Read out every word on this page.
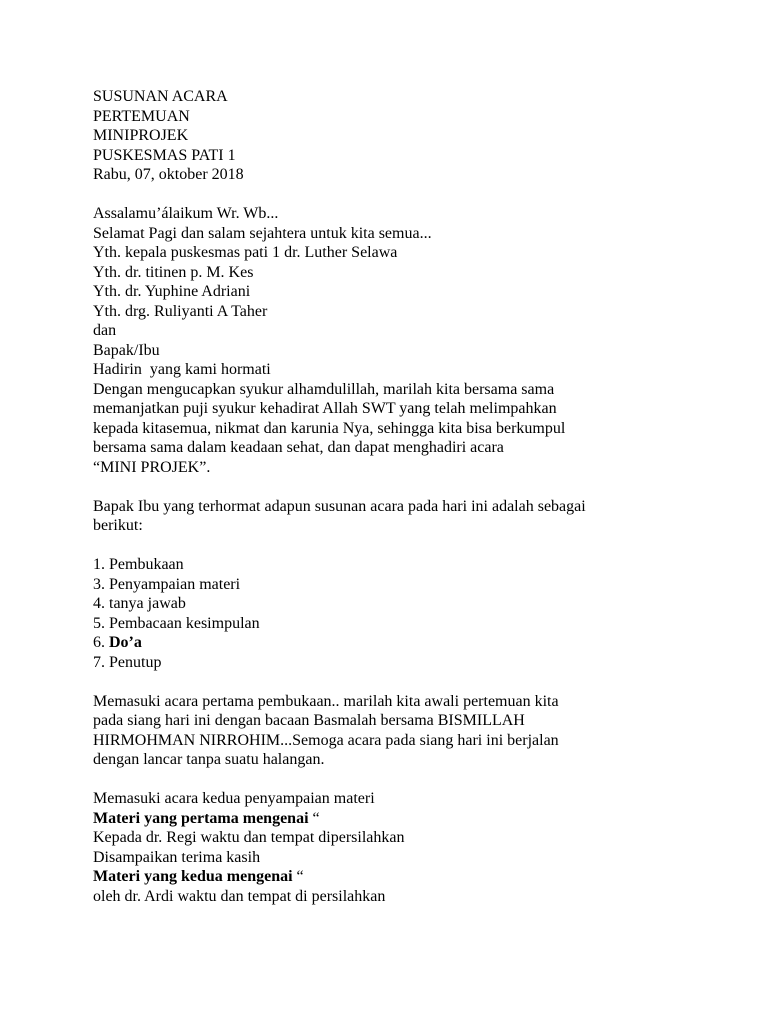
SUSUNAN ACARA
PERTEMUAN
MINIPROJEK
PUSKESMAS PATI 1
Rabu, 07, oktober 2018
Assalamu’álaikum Wr. Wb...
Selamat Pagi dan salam sejahtera untuk kita semua...
Yth. kepala puskesmas pati 1 dr. Luther Selawa
Yth. dr. titinen p. M. Kes
Yth. dr. Yuphine Adriani
Yth. drg. Ruliyanti A Taher
dan
Bapak/Ibu
Hadirin  yang kami hormati
Dengan mengucapkan syukur alhamdulillah, marilah kita bersama sama
memanjatkan puji syukur kehadirat Allah SWT yang telah melimpahkan
kepada kitasemua, nikmat dan karunia Nya, sehingga kita bisa berkumpul
bersama sama dalam keadaan sehat, dan dapat menghadiri acara
“MINI PROJEK”.
Bapak Ibu yang terhormat adapun susunan acara pada hari ini adalah sebagai
berikut:
1. Pembukaan
3. Penyampaian materi
4. tanya jawab
5. Pembacaan kesimpulan
6. Do’a
7. Penutup
Memasuki acara pertama pembukaan.. marilah kita awali pertemuan kita
pada siang hari ini dengan bacaan Basmalah bersama BISMILLAH
HIRMOHMAN NIRROHIM...Semoga acara pada siang hari ini berjalan
dengan lancar tanpa suatu halangan.
Memasuki acara kedua penyampaian materi
Materi yang pertama mengenai “
Kepada dr. Regi waktu dan tempat dipersilahkan
Disampaikan terima kasih
Materi yang kedua mengenai “
oleh dr. Ardi waktu dan tempat di persilahkan
